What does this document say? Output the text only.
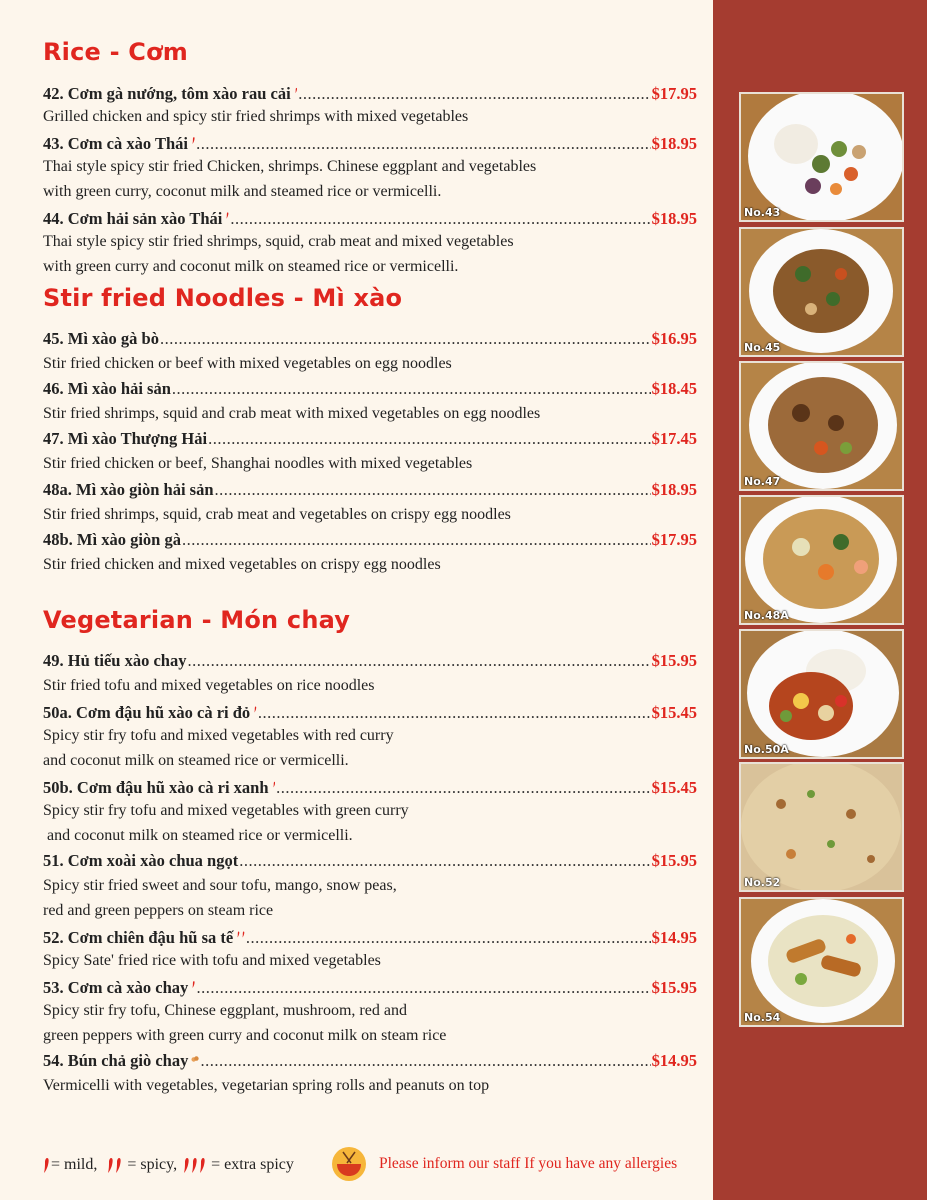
Rice - Cơm
42. Cơm gà nướng, tôm xào rau cải .....	$17.95
Grilled chicken and spicy stir fried shrimps with mixed vegetables
43. Cơm cà xào Thái .....	$18.95
Thai style spicy stir fried Chicken, shrimps. Chinese eggplant and vegetables
with green curry, coconut milk and steamed rice or vermicelli.
44. Cơm hải sản xào Thái .....	$18.95
Thai style spicy stir fried shrimps, squid, crab meat and mixed vegetables
with green curry and coconut milk on steamed rice or vermicelli.
Stir fried Noodles - Mì xào
45. Mì xào gà bò .....	$16.95
Stir fried chicken or beef with mixed vegetables on egg noodles
46. Mì xào hải sản .....	$18.45
Stir fried shrimps, squid and crab meat with mixed vegetables on egg noodles
47. Mì xào Thượng Hải .....	$17.45
Stir fried chicken or beef, Shanghai noodles with mixed vegetables
48a. Mì xào giòn hải sản .....	$18.95
Stir fried shrimps, squid, crab meat and vegetables on crispy egg noodles
48b. Mì xào giòn gà .....	$17.95
Stir fried chicken and mixed vegetables on crispy egg noodles
Vegetarian - Món chay
49. Hủ tiếu xào chay .....	$15.95
Stir fried tofu and mixed vegetables on rice noodles
50a. Cơm đậu hũ xào cà ri đỏ .....	$15.45
Spicy stir fry tofu and mixed vegetables with red curry
and coconut milk on steamed rice or vermicelli.
50b. Cơm đậu hũ xào cà ri xanh .....	$15.45
Spicy stir fry tofu and mixed vegetables with green curry
and coconut milk on steamed rice or vermicelli.
51. Cơm xoài xào chua ngọt .....	$15.95
Spicy stir fried sweet and sour tofu, mango, snow peas,
red and green peppers on steam rice
52. Cơm chiên đậu hũ sa tế .....	$14.95
Spicy Sate' fried rice with tofu and mixed vegetables
53. Cơm cà xào chay .....	$15.95
Spicy stir fry tofu, Chinese eggplant, mushroom, red and
green peppers with green curry and coconut milk on steam rice
54. Bún chả giò chay .....	$14.95
Vermicelli with vegetables, vegetarian spring rolls and peanuts on top
No.43
No.45
No.47
No.48A
No.50A
No.52
No.54
= mild, = spicy, = extra spicy	Please inform our staff If you have any allergies
